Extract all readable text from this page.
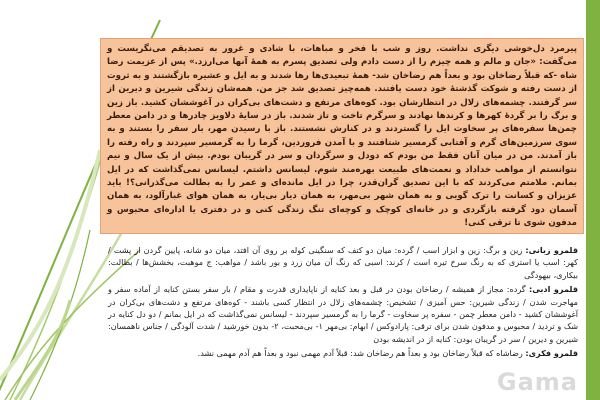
پیرمرد دل‌خوشی دیگری نداشت. روز و شب با فخر و مباهات، با شادی و غرور به تصدیقم می‌نگریست و می‌گفت: «جان و مالم و همه چیزم را از دست دادم ولی تصدیق پسرم به همهٔ آنها می‌ارزد.» پس از عزیمت رضا شاه -که قبلاً رضاخان بود و بعداً هم رضاخان شد- همهٔ تبعیدی‌ها رها شدند و به ایل و عشیره بازگشتند و به ثروت از دست رفته و شوکت گذشتهٔ خود دست یافتند. همه‌چیز تصدیق شد جز من. همه‌شان زندگی شیرین و دیرین از سر گرفتند. چشمه‌های زلال در انتظارشان بود. کوه‌های مرتفع و دشت‌های بی‌کران در آغوششان کشید. باز زین و برگ را بر گردهٔ کهرها و کرندها نهادند و سرگرم تاخت و تاز شدند. باز در سایهٔ دلاویز چادرها و در دامن معطر چمن‌ها سفره‌های پر سخاوت ایل را گستردند و در کنارش نشستند. باز با رسیدن مهر، بار سفر را بستند و به سوی سرزمین‌های گرم و آفتابی گرمسیر شتافتند و با آمدن فروردین، گرما را به گرمسیر سپردند و راه رفته را باز آمدند. من در میان آنان فقط من بودم که دودل و سرگردان و سر در گریبان بودم. بیش از یک سال و نیم نتوانستم از مواهب خداداد و نعمت‌های طبیعت بهره‌مند شوم. لیسانس داشتم. لیسانس نمی‌گذاشت که در ایل بمانم. ملامتم می‌کردند که با این تصدیق گران‌قدر، چرا در ایل مانده‌ای و عمر را به بطالت می‌گذرانی؟! باید عزیزان و کسانت را ترک گویی و به همان شهر بی‌مهر، به همان دیار بی‌یار، به همان هوای غبارآلود، به همان آسمان دود گرفته بازگردی و در خانه‌ای کوچک و کوچه‌ای تنگ زندگی کنی و در دفتری یا اداره‌ای محبوس و مدفون شوی تا ترقی کنی!

قلمرو زبانی: زین و برگ: زین و ابزار اسب / گرده: میان دو کتف که سنگینی کوله بر روی آن افتد، میان دو شانه، پایین گردن از پشت / کهر: اسب یا استری که به رنگ سرخ تیره است / کرند: اسبی که رنگ آن میان زرد و بور باشد / مواهب: ج موهبت، بخشش‌ها / بطالت: بیکاری، بیهودگی

قلمرو ادبی: گرده: مجاز از همیشه / رضاخان بودن در قبل و بعد کنایه از ناپایداری قدرت و مقام / بار سفر بستن کنایه از آماده سفر و مهاجرت شدن / زندگی شیرین: حس آمیزی / تشخیص: چشمه‌های زلال در انتظار کسی باشند - کوه‌های مرتفع و دشت‌های بی‌کران در آغوششان کشید - دامن معطر چمن - سفره پر سخاوت - گرما را به گرمسیر سپردند - لیسانس نمی‌گذاشت که در ایل بمانم / دو دل کنایه در شک و تردید / محبوس و مدفون شدن برای ترقی: پارادوکس / ابهام: بی‌مهر ۱- بی‌محبت، ۲- بدون خورشید / شدت آلودگی / جناس ناهمسان: شیرین و دیرین / سر در گریبان بودن: کنایه از در اندیشه بودن

قلمرو فکری: رضاشاه که قبلاً رضاخان بود و بعداً هم رضاخان شد: قبلاً آدم مهمی نبود و بعداً هم آدم مهمی نشد.

Gama
